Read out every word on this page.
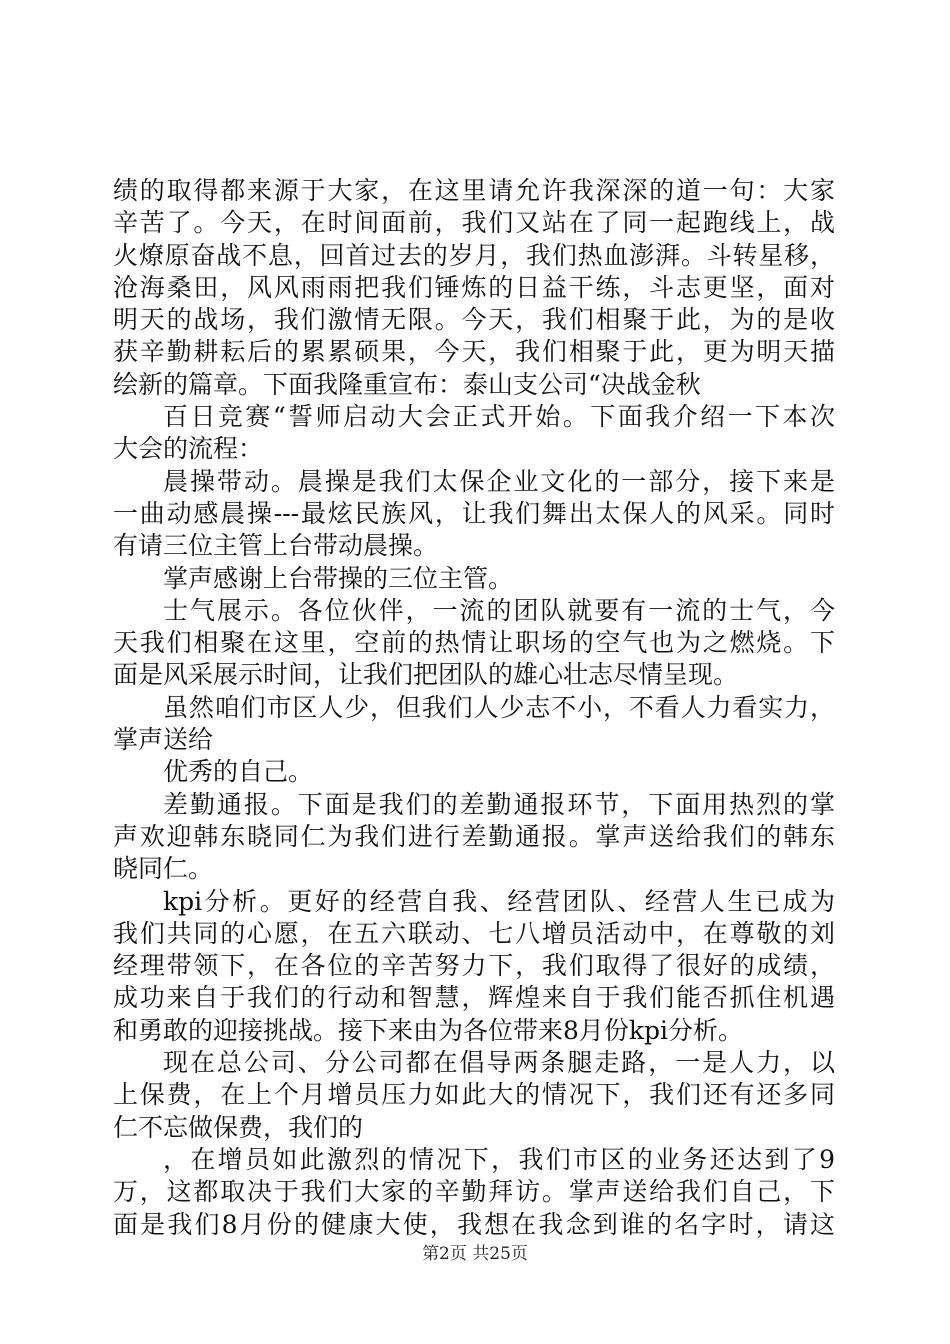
绩的取得都来源于大家，在这里请允许我深深的道一句：大家
辛苦了。今天，在时间面前，我们又站在了同一起跑线上，战
火燎原奋战不息，回首过去的岁月，我们热血澎湃。斗转星移，
沧海桑田，风风雨雨把我们锤炼的日益干练，斗志更坚，面对
明天的战场，我们激情无限。今天，我们相聚于此，为的是收
获辛勤耕耘后的累累硕果，今天，我们相聚于此，更为明天描
绘新的篇章。下面我隆重宣布：泰山支公司“决战金秋
百日竞赛“誓师启动大会正式开始。下面我介绍一下本次
大会的流程：
晨操带动。晨操是我们太保企业文化的一部分，接下来是
一曲动感晨操---最炫民族风，让我们舞出太保人的风采。同时
有请三位主管上台带动晨操。
掌声感谢上台带操的三位主管。
士气展示。各位伙伴，一流的团队就要有一流的士气，今
天我们相聚在这里，空前的热情让职场的空气也为之燃烧。下
面是风采展示时间，让我们把团队的雄心壮志尽情呈现。
虽然咱们市区人少，但我们人少志不小，不看人力看实力，
掌声送给
优秀的自己。
差勤通报。下面是我们的差勤通报环节，下面用热烈的掌
声欢迎韩东晓同仁为我们进行差勤通报。掌声送给我们的韩东
晓同仁。
kpi分析。更好的经营自我、经营团队、经营人生已成为
我们共同的心愿，在五六联动、七八增员活动中，在尊敬的刘
经理带领下，在各位的辛苦努力下，我们取得了很好的成绩，
成功来自于我们的行动和智慧，辉煌来自于我们能否抓住机遇
和勇敢的迎接挑战。接下来由为各位带来8月份kpi分析。
现在总公司、分公司都在倡导两条腿走路，一是人力，以
上保费，在上个月增员压力如此大的情况下，我们还有还多同
仁不忘做保费，我们的
，在增员如此激烈的情况下，我们市区的业务还达到了9
万，这都取决于我们大家的辛勤拜访。掌声送给我们自己，下
面是我们8月份的健康大使，我想在我念到谁的名字时，请这
第2页 共25页
